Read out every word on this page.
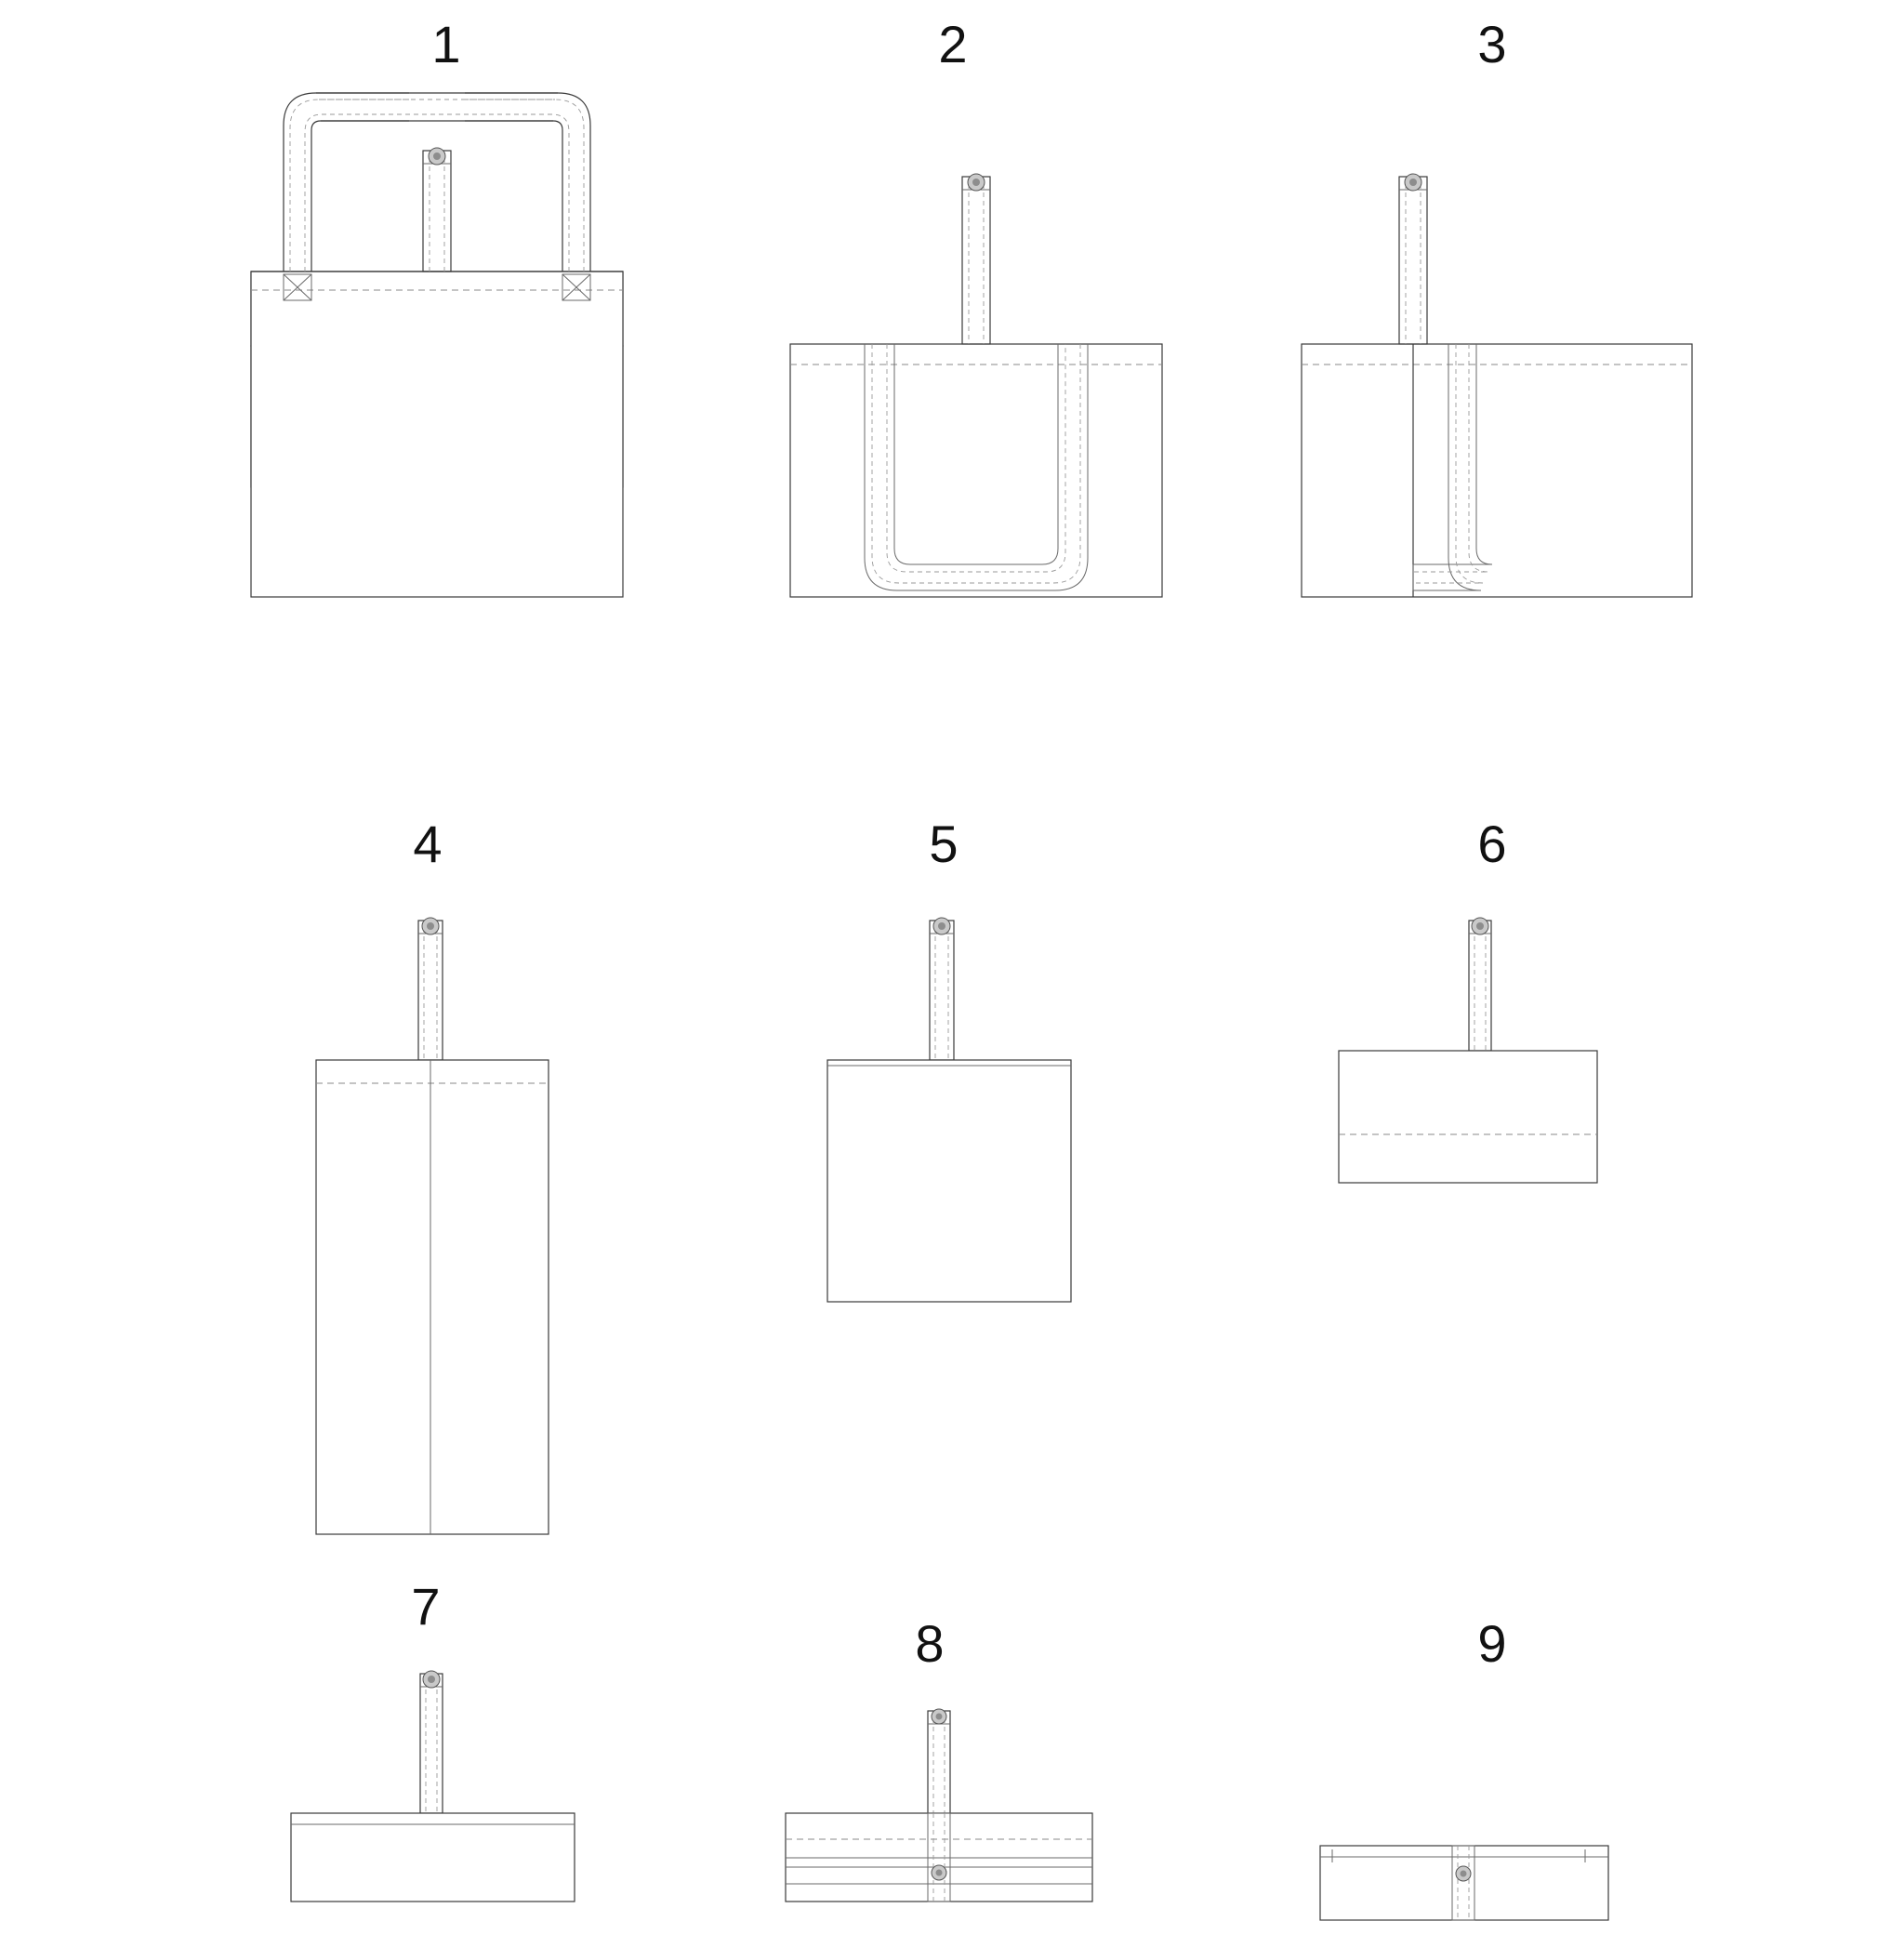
1	2	3
4	5	6
7
8	9
